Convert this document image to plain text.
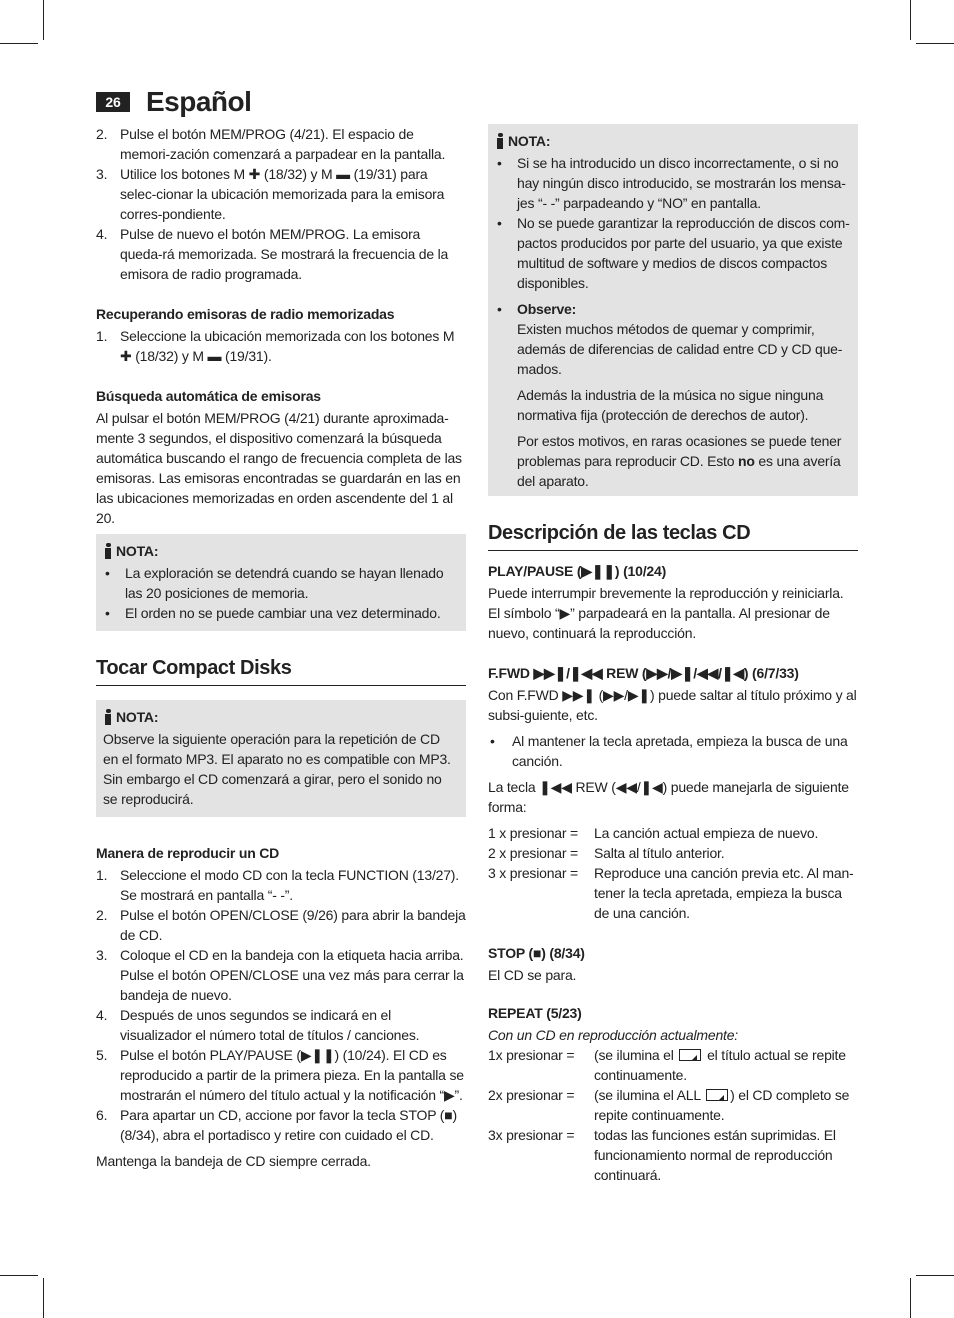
26 Español
2. Pulse el botón MEM/PROG (4/21). El espacio de memori-zación comenzará a parpadear en la pantalla.
3. Utilice los botones M ✚ (18/32) y M ▬ (19/31) para selec-cionar la ubicación memorizada para la emisora corres-pondiente.
4. Pulse de nuevo el botón MEM/PROG. La emisora queda-rá memorizada. Se mostrará la frecuencia de la emisora de radio programada.

Recuperando emisoras de radio memorizadas

1. Seleccione la ubicación memorizada con los botones M ✚ (18/32) y M ▬ (19/31).

Búsqueda automática de emisoras

Al pulsar el botón MEM/PROG (4/21) durante aproximada-mente 3 segundos, el dispositivo comenzará la búsqueda automática buscando el rango de frecuencia completa de las emisoras. Las emisoras encontradas se guardarán en las en las ubicaciones memorizadas en orden ascendente del 1 al 20.

NOTA:
• La exploración se detendrá cuando se hayan llenado las 20 posiciones de memoria.
• El orden no se puede cambiar una vez determinado.
Tocar Compact Disks
NOTA:

Observe la siguiente operación para la repetición de CD en el formato MP3. El aparato no es compatible con MP3. Sin embargo el CD comenzará a girar, pero el sonido no se reproducirá.

Manera de reproducir un CD

1. Seleccione el modo CD con la tecla FUNCTION (13/27). Se mostrará en pantalla “- -”.
2. Pulse el botón OPEN/CLOSE (9/26) para abrir la bandeja de CD.
3. Coloque el CD en la bandeja con la etiqueta hacia arriba. Pulse el botón OPEN/CLOSE una vez más para cerrar la bandeja de nuevo.
4. Después de unos segundos se indicará en el visualizador el número total de títulos / canciones.
5. Pulse el botón PLAY/PAUSE (▶❚❚) (10/24). El CD es reproducido a partir de la primera pieza. En la pantalla se mostrarán el número del título actual y la notificación “▶”.
6. Para apartar un CD, accione por favor la tecla STOP (■) (8/34), abra el portadisco y retire con cuidado el CD.

Mantenga la bandeja de CD siempre cerrada.

NOTA:
• Si se ha introducido un disco incorrectamente, o si no hay ningún disco introducido, se mostrarán los mensa-jes “- -” parpadeando y “NO” en pantalla.
• No se puede garantizar la reproducción de discos com-pactos producidos por parte del usuario, ya que existe multitud de software y medios de discos compactos disponibles.
• Observe:

Existen muchos métodos de quemar y comprimir, además de diferencias de calidad entre CD y CD que-mados.

Además la industria de la música no sigue ninguna normativa fija (protección de derechos de autor).

Por estos motivos, en raras ocasiones se puede tener problemas para reproducir CD. Esto no es una avería del aparato.

Descripción de las teclas CD

PLAY/PAUSE (▶❚❚) (10/24)

Puede interrumpir brevemente la reproducción y reiniciarla. El símbolo “▶” parpadeará en la pantalla. Al presionar de nuevo, continuará la reproducción.

F.FWD ▶▶❚/❚◀◀ REW (▶▶/▶❚/◀◀/❚◀) (6/7/33)

Con F.FWD ▶▶❚ (▶▶/▶❚) puede saltar al título próximo y al subsi-guiente, etc.

• Al mantener la tecla apretada, empieza la busca de una canción.

La tecla ❚◀◀ REW (◀◀/❚◀) puede manejarla de siguiente forma:

1 x presionar =	La canción actual empieza de nuevo.
2 x presionar =	Salta al título anterior.
3 x presionar =	Reproduce una canción previa etc. Al man-tener la tecla apretada, empieza la busca de una canción.

STOP (■) (8/34)

El CD se para.

REPEAT (5/23)

Con un CD en reproducción actualmente:

1x presionar =	(se ilumina el  el título actual se repite continuamente.
2x presionar =	(se ilumina el ALL ) el CD completo se repite continuamente.
3x presionar =	todas las funciones están suprimidas. El funcionamiento normal de reproducción continuará.
